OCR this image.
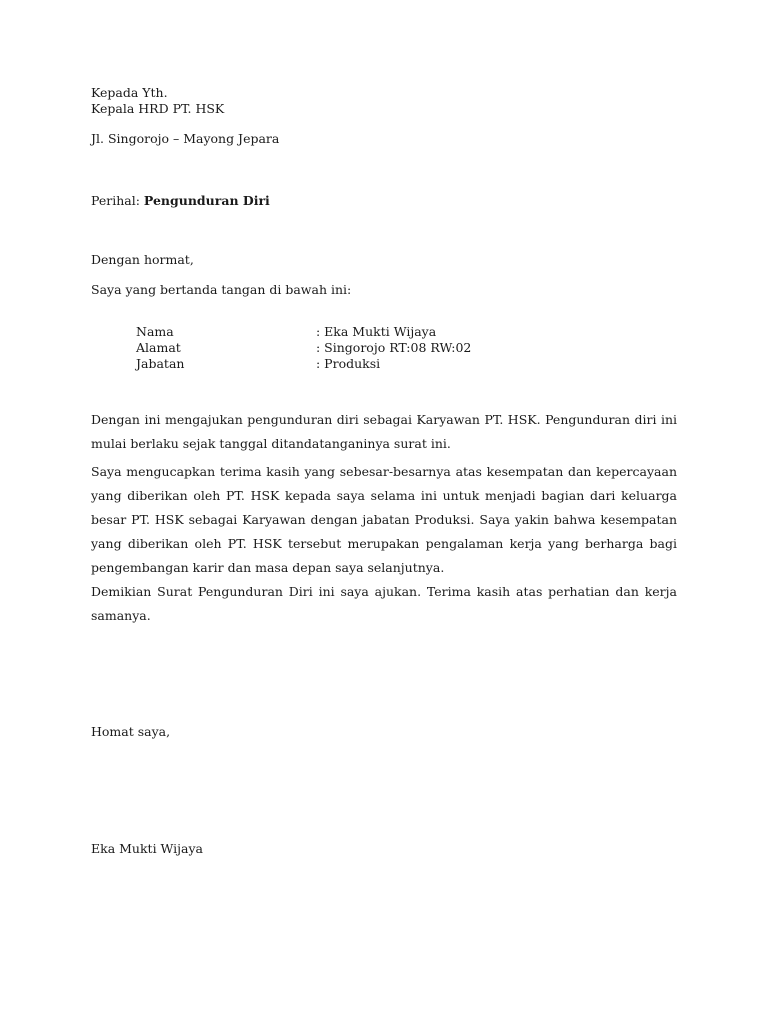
Kepada Yth.
Kepala HRD PT. HSK
Jl. Singorojo – Mayong Jepara
Perihal: Pengunduran Diri
Dengan hormat,
Saya yang bertanda tangan di bawah ini:
Nama	: Eka Mukti Wijaya
Alamat	: Singorojo RT:08 RW:02
Jabatan	: Produksi
Dengan ini mengajukan pengunduran diri sebagai Karyawan PT. HSK. Pengunduran diri ini mulai berlaku sejak tanggal ditandatanganinya surat ini.
Saya mengucapkan terima kasih yang sebesar-besarnya atas kesempatan dan kepercayaan yang diberikan oleh PT. HSK kepada saya selama ini untuk menjadi bagian dari keluarga besar PT. HSK sebagai Karyawan dengan jabatan Produksi. Saya yakin bahwa kesempatan yang diberikan oleh PT. HSK tersebut merupakan pengalaman kerja yang berharga bagi pengembangan karir dan masa depan saya selanjutnya.
Demikian Surat Pengunduran Diri ini saya ajukan. Terima kasih atas perhatian dan kerja samanya.
Homat saya,
Eka Mukti Wijaya
